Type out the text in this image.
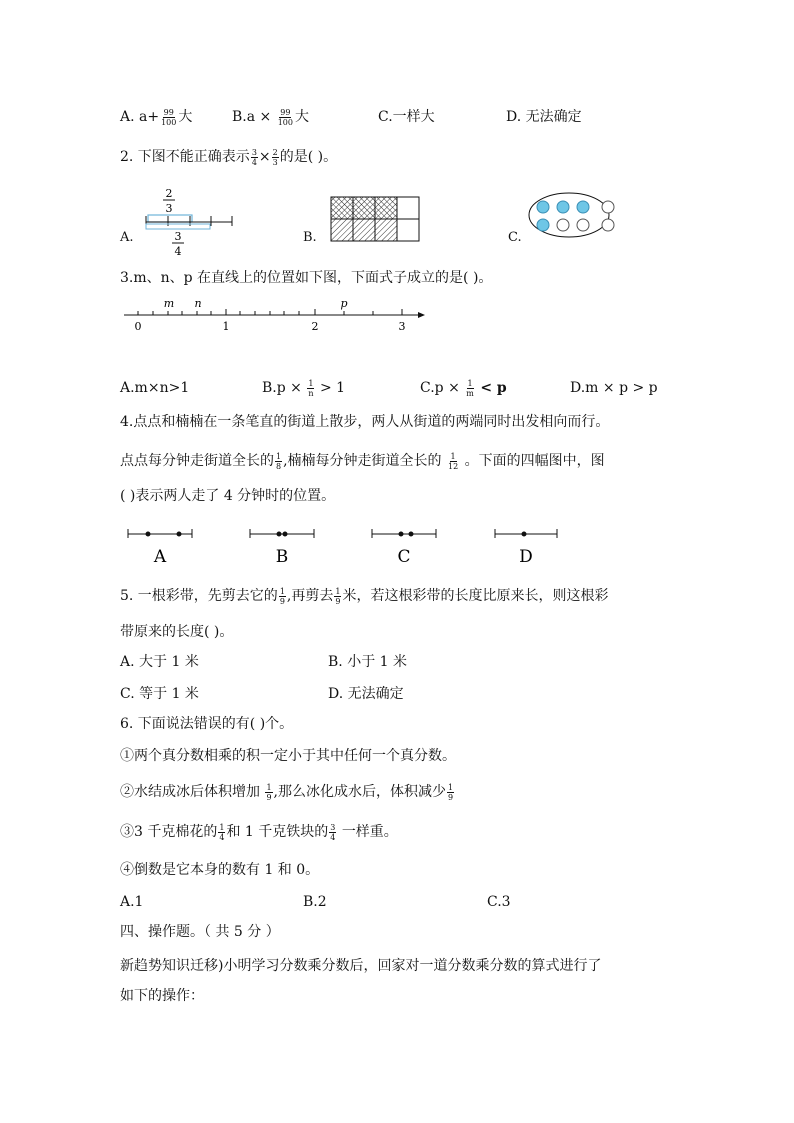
A. $a+ \frac{99}{100}$ 大	$B.a \times \frac{99}{100}$ 大	C.一样大	D. 无法确定
2. 下图不能正确表示 $\frac{3}{4} \times \frac{2}{3}$ 的是( )。
A.
2
3
3
4
B.	C.
3.m、n、p 在直线上的位置如下图，下面式子成立的是( )。
0	1	2	3
m n	p
A.m×n>1	$B.p \times \frac{1}{n} > 1$	$C.p \times \frac{1}{m} < p$	D.m × p > p
4.点点和楠楠在一条笔直的街道上散步，两人从街道的两端同时出发相向而行。
点点每分钟走街道全长的 $\frac{1}{8}$ ,楠楠每分钟走街道全长的 $\frac{1}{12}$ 。下面的四幅图中，图
( )表示两人走了 4 分钟时的位置。
A	B	C	D
5. 一根彩带，先剪去它的 $\frac{1}{9}$ ,再剪去 $\frac{1}{9}$ 米，若这根彩带的长度比原来长，则这根彩
带原来的长度( )。
A. 大于 1 米	B. 小于 1 米
C. 等于 1 米	D. 无法确定
6. 下面说法错误的有( )个。
①两个真分数相乘的积一定小于其中任何一个真分数。
②水结成冰后体积增加 $\frac{1}{9}$ ,那么冰化成水后，体积减少 $\frac{1}{9}$
③3 千克棉花的 $\frac{1}{4}$ 和 1 千克铁块的 $\frac{3}{4}$ 一样重。
④倒数是它本身的数有 1 和 0。
A.1	B.2	C.3
四、操作题。（ 共 5 分 ）
新趋势知识迁移)小明学习分数乘分数后，回家对一道分数乘分数的算式进行了
如下的操作：
